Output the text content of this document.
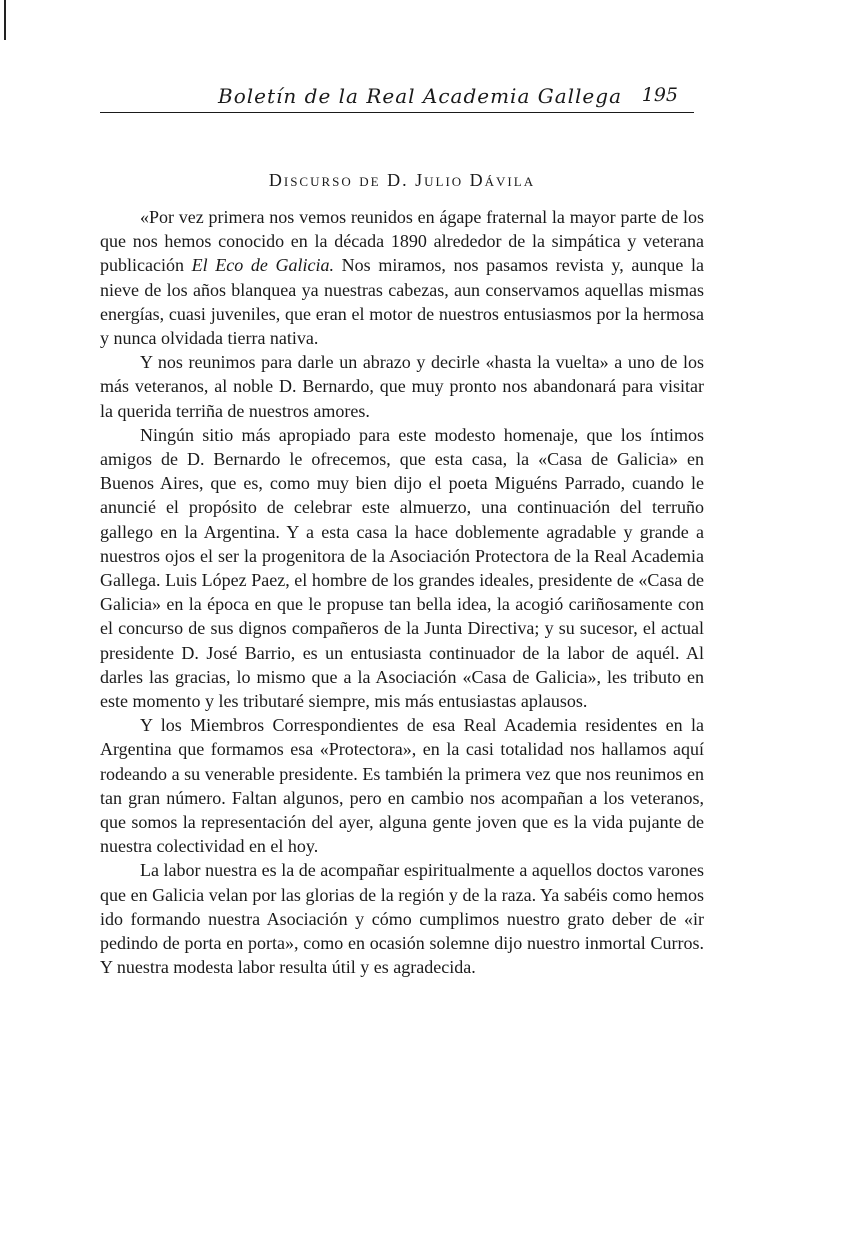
Boletín de la Real Academia Gallega 195
Discurso de D. Julio Dávila

«Por vez primera nos vemos reunidos en ágape fraternal la mayor parte de los que nos hemos conocido en la década 1890 alrededor de la simpática y veterana publicación El Eco de Galicia. Nos miramos, nos pasamos revista y, aunque la nieve de los años blanquea ya nuestras cabezas, aun conservamos aquellas mismas energías, cuasi juveniles, que eran el motor de nuestros entusiasmos por la hermosa y nunca olvidada tierra nativa.

Y nos reunimos para darle un abrazo y decirle «hasta la vuelta» a uno de los más veteranos, al noble D. Bernardo, que muy pronto nos abandonará para visitar la querida terriña de nuestros amores.

Ningún sitio más apropiado para este modesto homenaje, que los íntimos amigos de D. Bernardo le ofrecemos, que esta casa, la «Casa de Galicia» en Buenos Aires, que es, como muy bien dijo el poeta Miguéns Parrado, cuando le anuncié el propósito de celebrar este almuerzo, una continuación del terruño gallego en la Argentina. Y a esta casa la hace doblemente agradable y grande a nuestros ojos el ser la progenitora de la Asociación Protectora de la Real Academia Gallega. Luis López Paez, el hombre de los grandes ideales, presidente de «Casa de Galicia» en la época en que le propuse tan bella idea, la acogió cariñosamente con el concurso de sus dignos compañeros de la Junta Directiva; y su sucesor, el actual presidente D. José Barrio, es un entusiasta continuador de la labor de aquél. Al darles las gracias, lo mismo que a la Asociación «Casa de Galicia», les tributo en este momento y les tributaré siempre, mis más entusiastas aplausos.

Y los Miembros Correspondientes de esa Real Academia residentes en la Argentina que formamos esa «Protectora», en la casi totalidad nos hallamos aquí rodeando a su venerable presidente. Es también la primera vez que nos reunimos en tan gran número. Faltan algunos, pero en cambio nos acompañan a los veteranos, que somos la representación del ayer, alguna gente joven que es la vida pujante de nuestra colectividad en el hoy.

La labor nuestra es la de acompañar espiritualmente a aquellos doctos varones que en Galicia velan por las glorias de la región y de la raza. Ya sabéis como hemos ido formando nuestra Asociación y cómo cumplimos nuestro grato deber de «ir pedindo de porta en porta», como en ocasión solemne dijo nuestro inmortal Curros. Y nuestra modesta labor resulta útil y es agradecida.
